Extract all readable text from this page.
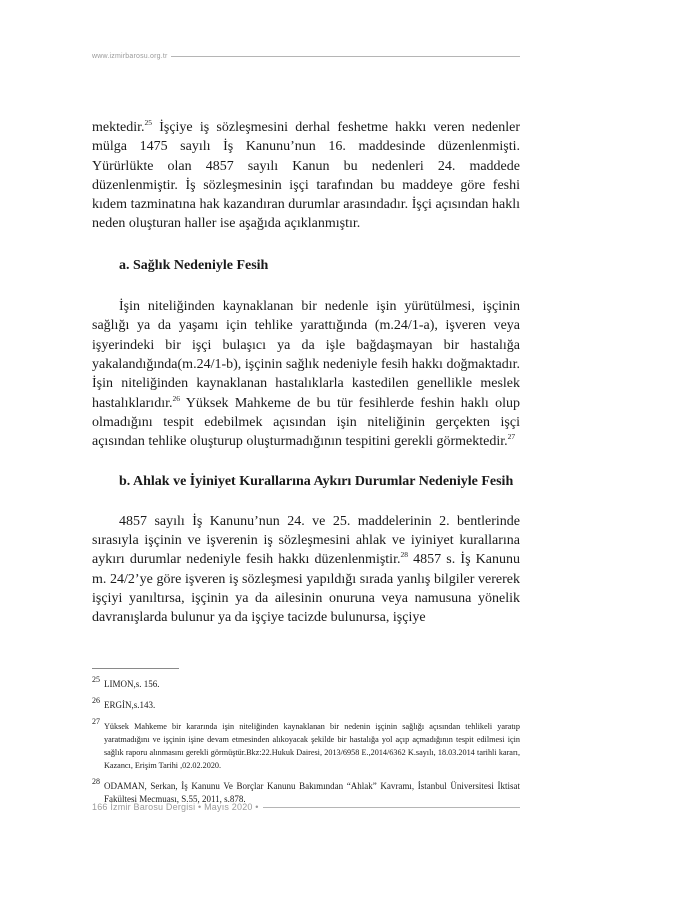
www.izmirbarosu.org.tr

mektedir.$^{25}$ İşçiye iş sözleşmesini derhal feshetme hakkı veren nedenler mülga 1475 sayılı İş Kanunu’nun 16. maddesinde düzenlenmişti. Yürürlükte olan 4857 sayılı Kanun bu nedenleri 24. maddede düzenlenmiştir. İş sözleşmesinin işçi tarafından bu maddeye göre feshi kıdem tazminatına hak kazandıran durumlar arasındadır. İşçi açısından haklı neden oluşturan haller ise aşağıda açıklanmıştır.

a. Sağlık Nedeniyle Fesih

İşin niteliğinden kaynaklanan bir nedenle işin yürütülmesi, işçinin sağlığı ya da yaşamı için tehlike yarattığında (m.24/1-a), işveren veya işyerindeki bir işçi bulaşıcı ya da işle bağdaşmayan bir hastalığa yakalandığında(m.24/1-b), işçinin sağlık nedeniyle fesih hakkı doğmaktadır. İşin niteliğinden kaynaklanan hastalıklarla kastedilen genellikle meslek hastalıklarıdır.$^{26}$ Yüksek Mahkeme de bu tür fesihlerde feshin haklı olup olmadığını tespit edebilmek açısından işin niteliğinin gerçekten işçi açısından tehlike oluşturup oluşturmadığının tespitini gerekli görmektedir.$^{27}$

b. Ahlak ve İyiniyet Kurallarına Aykırı Durumlar Nedeniyle Fesih

4857 sayılı İş Kanunu’nun 24. ve 25. maddelerinin 2. bentlerinde sırasıyla işçinin ve işverenin iş sözleşmesini ahlak ve iyiniyet kurallarına aykırı durumlar nedeniyle fesih hakkı düzenlenmiştir.$^{28}$ 4857 s. İş Kanunu m. 24/2’ye göre işveren iş sözleşmesi yapıldığı sırada yanlış bilgiler vererek işçiyi yanıltırsa, işçinin ya da ailesinin onuruna veya namusuna yönelik davranışlarda bulunur ya da işçiye tacizde bulunursa, işçiye

25 LIMON,s. 156.
26 ERGİN,s.143.
27
Yüksek Mahkeme bir kararında işin niteliğinden kaynaklanan bir nedenin işçinin sağlığı açısından tehlikeli yaratıp yaratmadığını ve işçinin işine devam etmesinden alıkoyacak şekilde bir hastalığa yol açıp açmadığının tespit edilmesi için sağlık raporu alınmasını gerekli görmüştür.Bkz:22.Hukuk Dairesi, 2013/6958 E.,2014/6362 K.sayılı, 18.03.2014 tarihli kararı, Kazancı, Erişim Tarihi ,02.02.2020.
28 ODAMAN, Serkan, İş Kanunu Ve Borçlar Kanunu Bakımından “Ahlak” Kavramı, İstanbul Üniversitesi İktisat Fakültesi Mecmuası, S.55, 2011, s.878.
166 İzmir Barosu Dergisi • Mayıs 2020 •
